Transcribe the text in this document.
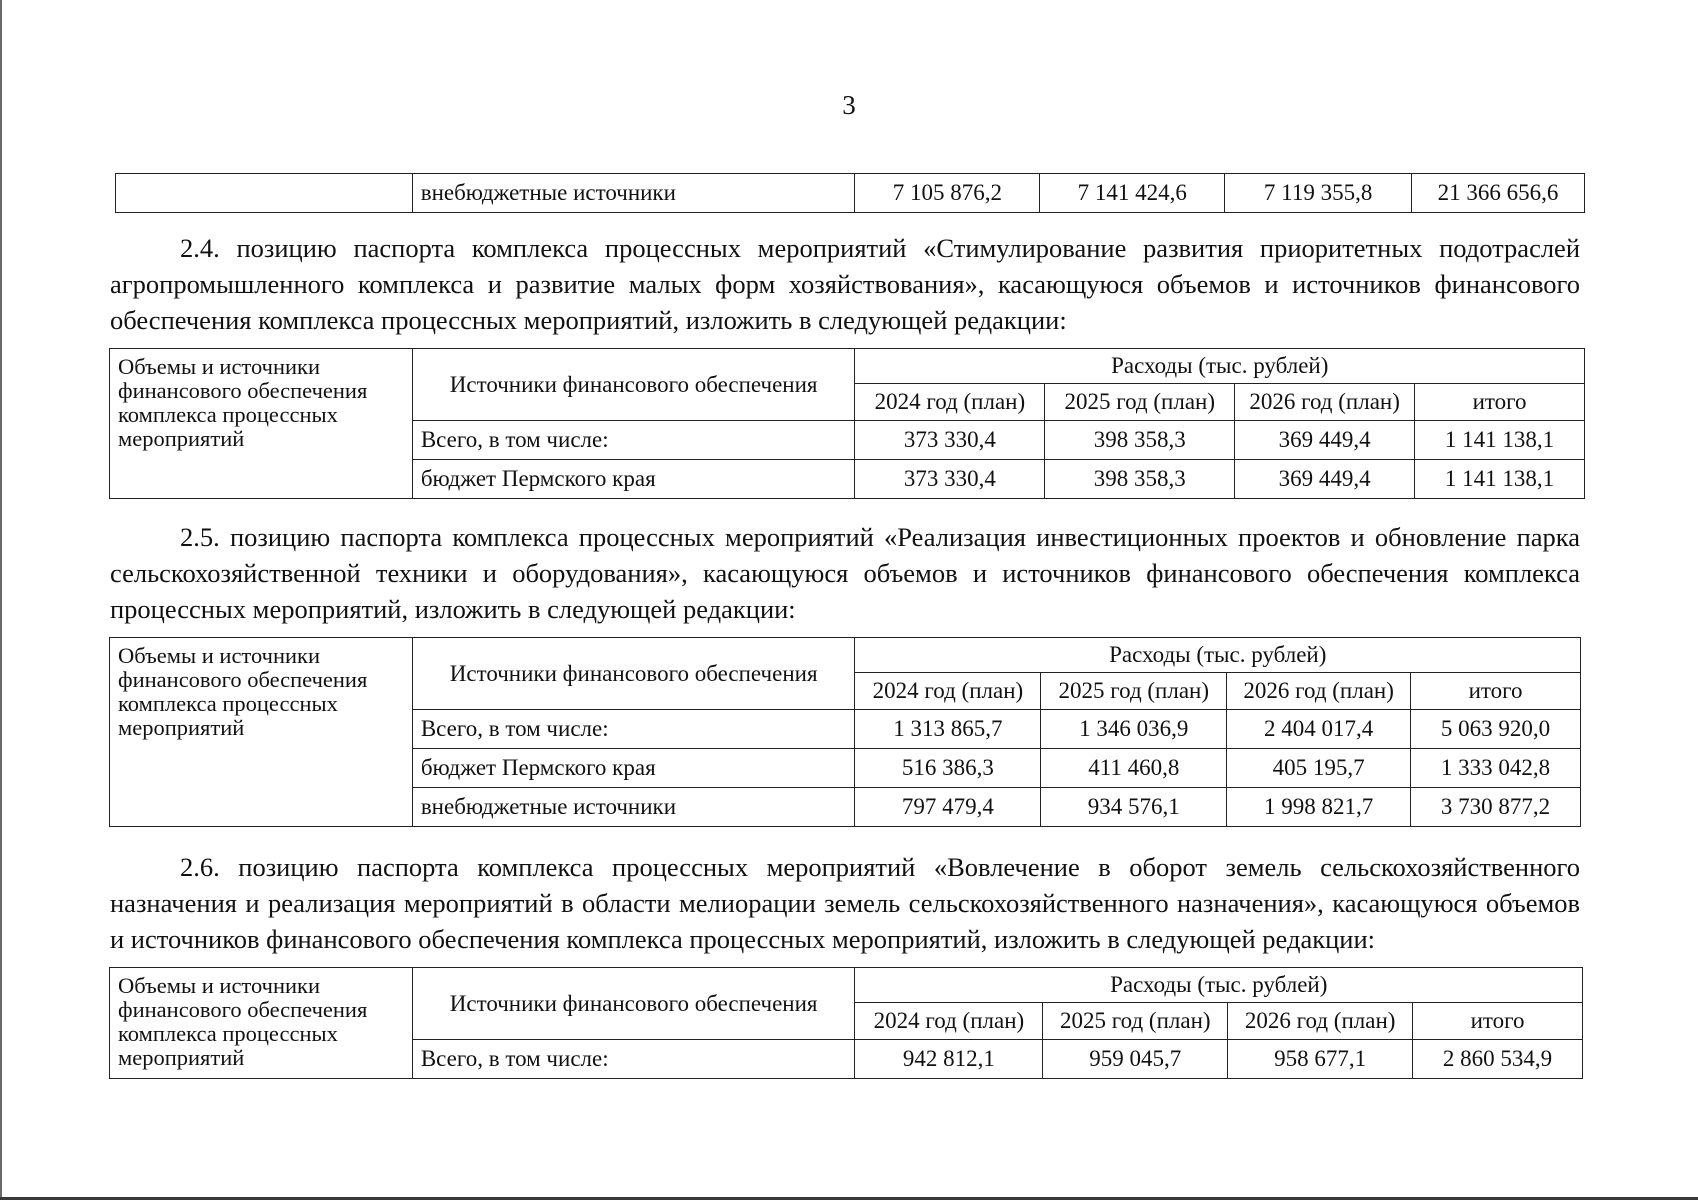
3
	внебюджетные источники	7 105 876,2	7 141 424,6	7 119 355,8	21 366 656,6
2.4. позицию паспорта комплекса процессных мероприятий «Стимулирование развития приоритетных подотраслей агропромышленного комплекса и развитие малых форм хозяйствования», касающуюся объемов и источников финансового обеспечения комплекса процессных мероприятий, изложить в следующей редакции:
Объемы и источники финансового обеспечения комплекса процессных мероприятий	Источники финансового обеспечения	Расходы (тыс. рублей)			
		2024 год (план)	2025 год (план)	2026 год (план)	итого
	Всего, в том числе:	373 330,4	398 358,3	369 449,4	1 141 138,1
	бюджет Пермского края	373 330,4	398 358,3	369 449,4	1 141 138,1
2.5. позицию паспорта комплекса процессных мероприятий «Реализация инвестиционных проектов и обновление парка сельскохозяйственной техники и оборудования», касающуюся объемов и источников финансового обеспечения комплекса процессных мероприятий, изложить в следующей редакции:
Объемы и источники финансового обеспечения комплекса процессных мероприятий	Источники финансового обеспечения	Расходы (тыс. рублей)			
		2024 год (план)	2025 год (план)	2026 год (план)	итого
	Всего, в том числе:	1 313 865,7	1 346 036,9	2 404 017,4	5 063 920,0
	бюджет Пермского края	516 386,3	411 460,8	405 195,7	1 333 042,8
	внебюджетные источники	797 479,4	934 576,1	1 998 821,7	3 730 877,2
2.6. позицию паспорта комплекса процессных мероприятий «Вовлечение в оборот земель сельскохозяйственного назначения и реализация мероприятий в области мелиорации земель сельскохозяйственного назначения», касающуюся объемов и источников финансового обеспечения комплекса процессных мероприятий, изложить в следующей редакции:
Объемы и источники финансового обеспечения комплекса процессных мероприятий	Источники финансового обеспечения	Расходы (тыс. рублей)			
		2024 год (план)	2025 год (план)	2026 год (план)	итого
	Всего, в том числе:	942 812,1	959 045,7	958 677,1	2 860 534,9
